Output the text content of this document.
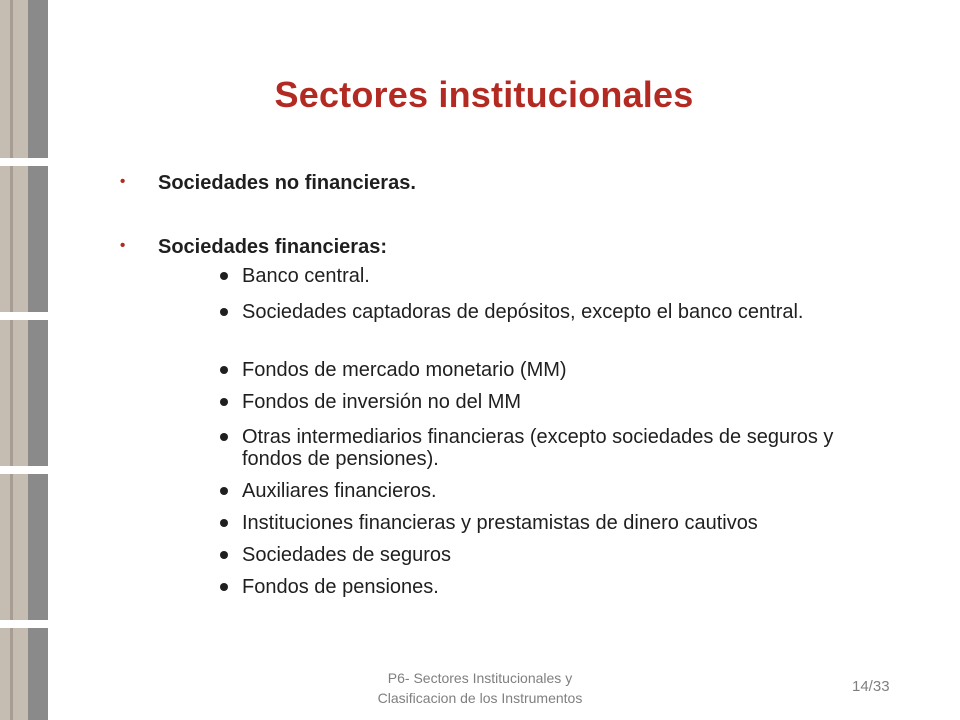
Sectores institucionales
• Sociedades no financieras.
• Sociedades financieras:
Banco central.
Sociedades captadoras de depósitos, excepto el banco central.
Fondos de mercado monetario (MM)
Fondos de inversión no del MM
Otras intermediarios financieras (excepto sociedades de seguros y fondos de pensiones).
Auxiliares financieros.
Instituciones financieras y prestamistas de dinero cautivos
Sociedades de seguros
Fondos de pensiones.
P6- Sectores Institucionales y
Clasificacion de los Instrumentos
14/33
